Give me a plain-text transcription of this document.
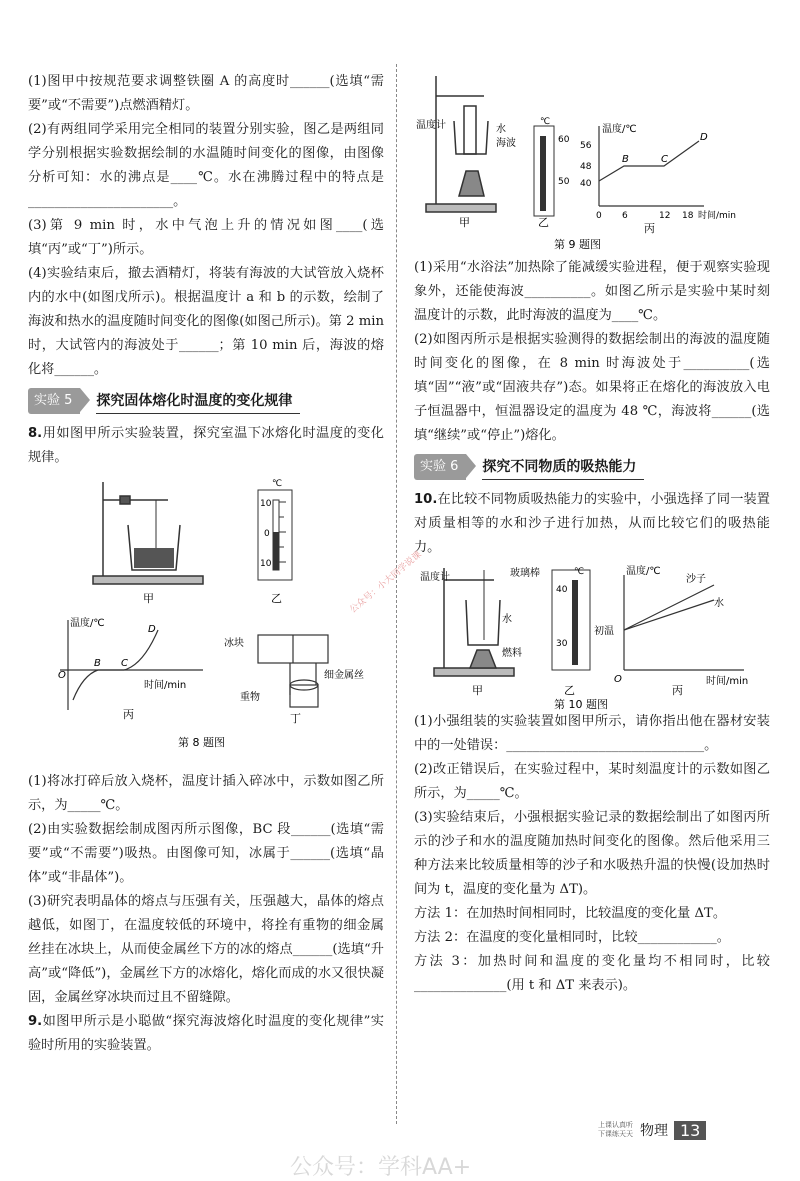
(1)图甲中按规范要求调整铁圈 A 的高度时______(选填“需要”或“不需要”)点燃酒精灯。

(2)有两组同学采用完全相同的装置分别实验，图乙是两组同学分别根据实验数据绘制的水温随时间变化的图像，由图像分析可知：水的沸点是____℃。水在沸腾过程中的特点是______________________。

(3)第 9 min 时，水中气泡上升的情况如图____(选填“丙”或“丁”)所示。

(4)实验结束后，撤去酒精灯，将装有海波的大试管放入烧杯内的水中(如图戊所示)。根据温度计 a 和 b 的示数，绘制了海波和热水的温度随时间变化的图像(如图己所示)。第 2 min 时，大试管内的海波处于______；第 10 min 后，海波的熔化将______。

实验 5	探究固体熔化时温度的变化规律

8.用如图甲所示实验装置，探究室温下冰熔化时温度的变化规律。

甲
℃
10
0
10
乙
温度/℃
时间/min
O
B C
D
丙
冰块
细金属丝
重物
丁
第 8 题图

(1)将冰打碎后放入烧杯，温度计插入碎冰中，示数如图乙所示，为_____℃。

(2)由实验数据绘制成图丙所示图像，BC 段______(选填“需要”或“不需要”)吸热。由图像可知，冰属于______(选填“晶体”或“非晶体”)。

(3)研究表明晶体的熔点与压强有关，压强越大，晶体的熔点越低，如图丁，在温度较低的环境中，将拴有重物的细金属丝挂在冰块上，从而使金属丝下方的冰的熔点______(选填“升高”或“降低”)，金属丝下方的冰熔化，熔化而成的水又很快凝固，金属丝穿冰块而过且不留缝隙。

9.如图甲所示是小聪做“探究海波熔化时温度的变化规律”实验时所用的实验装置。

温度计	水
海波
甲
℃
60
50
乙
温度/℃
56
48
40
0 6	12 18 时间/min
B	C
D
丙
第 9 题图

(1)采用“水浴法”加热除了能减缓实验进程，便于观察实验现象外，还能使海波__________。如图乙所示是实验中某时刻温度计的示数，此时海波的温度为____℃。

(2)如图丙所示是根据实验测得的数据绘制出的海波的温度随时间变化的图像，在 8 min 时海波处于__________(选填“固”“液”或“固液共存”)态。如果将正在熔化的海波放入电子恒温器中，恒温器设定的温度为 48 ℃，海波将______(选填“继续”或“停止”)熔化。

实验 6	探究不同物质的吸热能力

10.在比较不同物质吸热能力的实验中，小强选择了同一装置对质量相等的水和沙子进行加热，从而比较它们的吸热能力。

温度计	玻璃棒
水
燃料
甲
℃
40
30
乙
温度/℃
沙子
水
初温
O	时间/min
丙
第 10 题图

(1)小强组装的实验装置如图甲所示，请你指出他在器材安装中的一处错误：______________________________。

(2)改正错误后，在实验过程中，某时刻温度计的示数如图乙所示，为_____℃。

(3)实验结束后，小强根据实验记录的数据绘制出了如图丙所示的沙子和水的温度随加热时间变化的图像。然后他采用三种方法来比较质量相等的沙子和水吸热升温的快慢(设加热时间为 t，温度的变化量为 ΔT)。

方法 1：在加热时间相同时，比较温度的变化量 ΔT。

方法 2：在温度的变化量相同时，比较____________。

方法 3：加热时间和温度的变化量均不相同时，比较______________(用 t 和 ΔT 来表示)。

公众号：小大同学说课
公众号：学科AA+
上课认真听
下课练天天 物理 13
